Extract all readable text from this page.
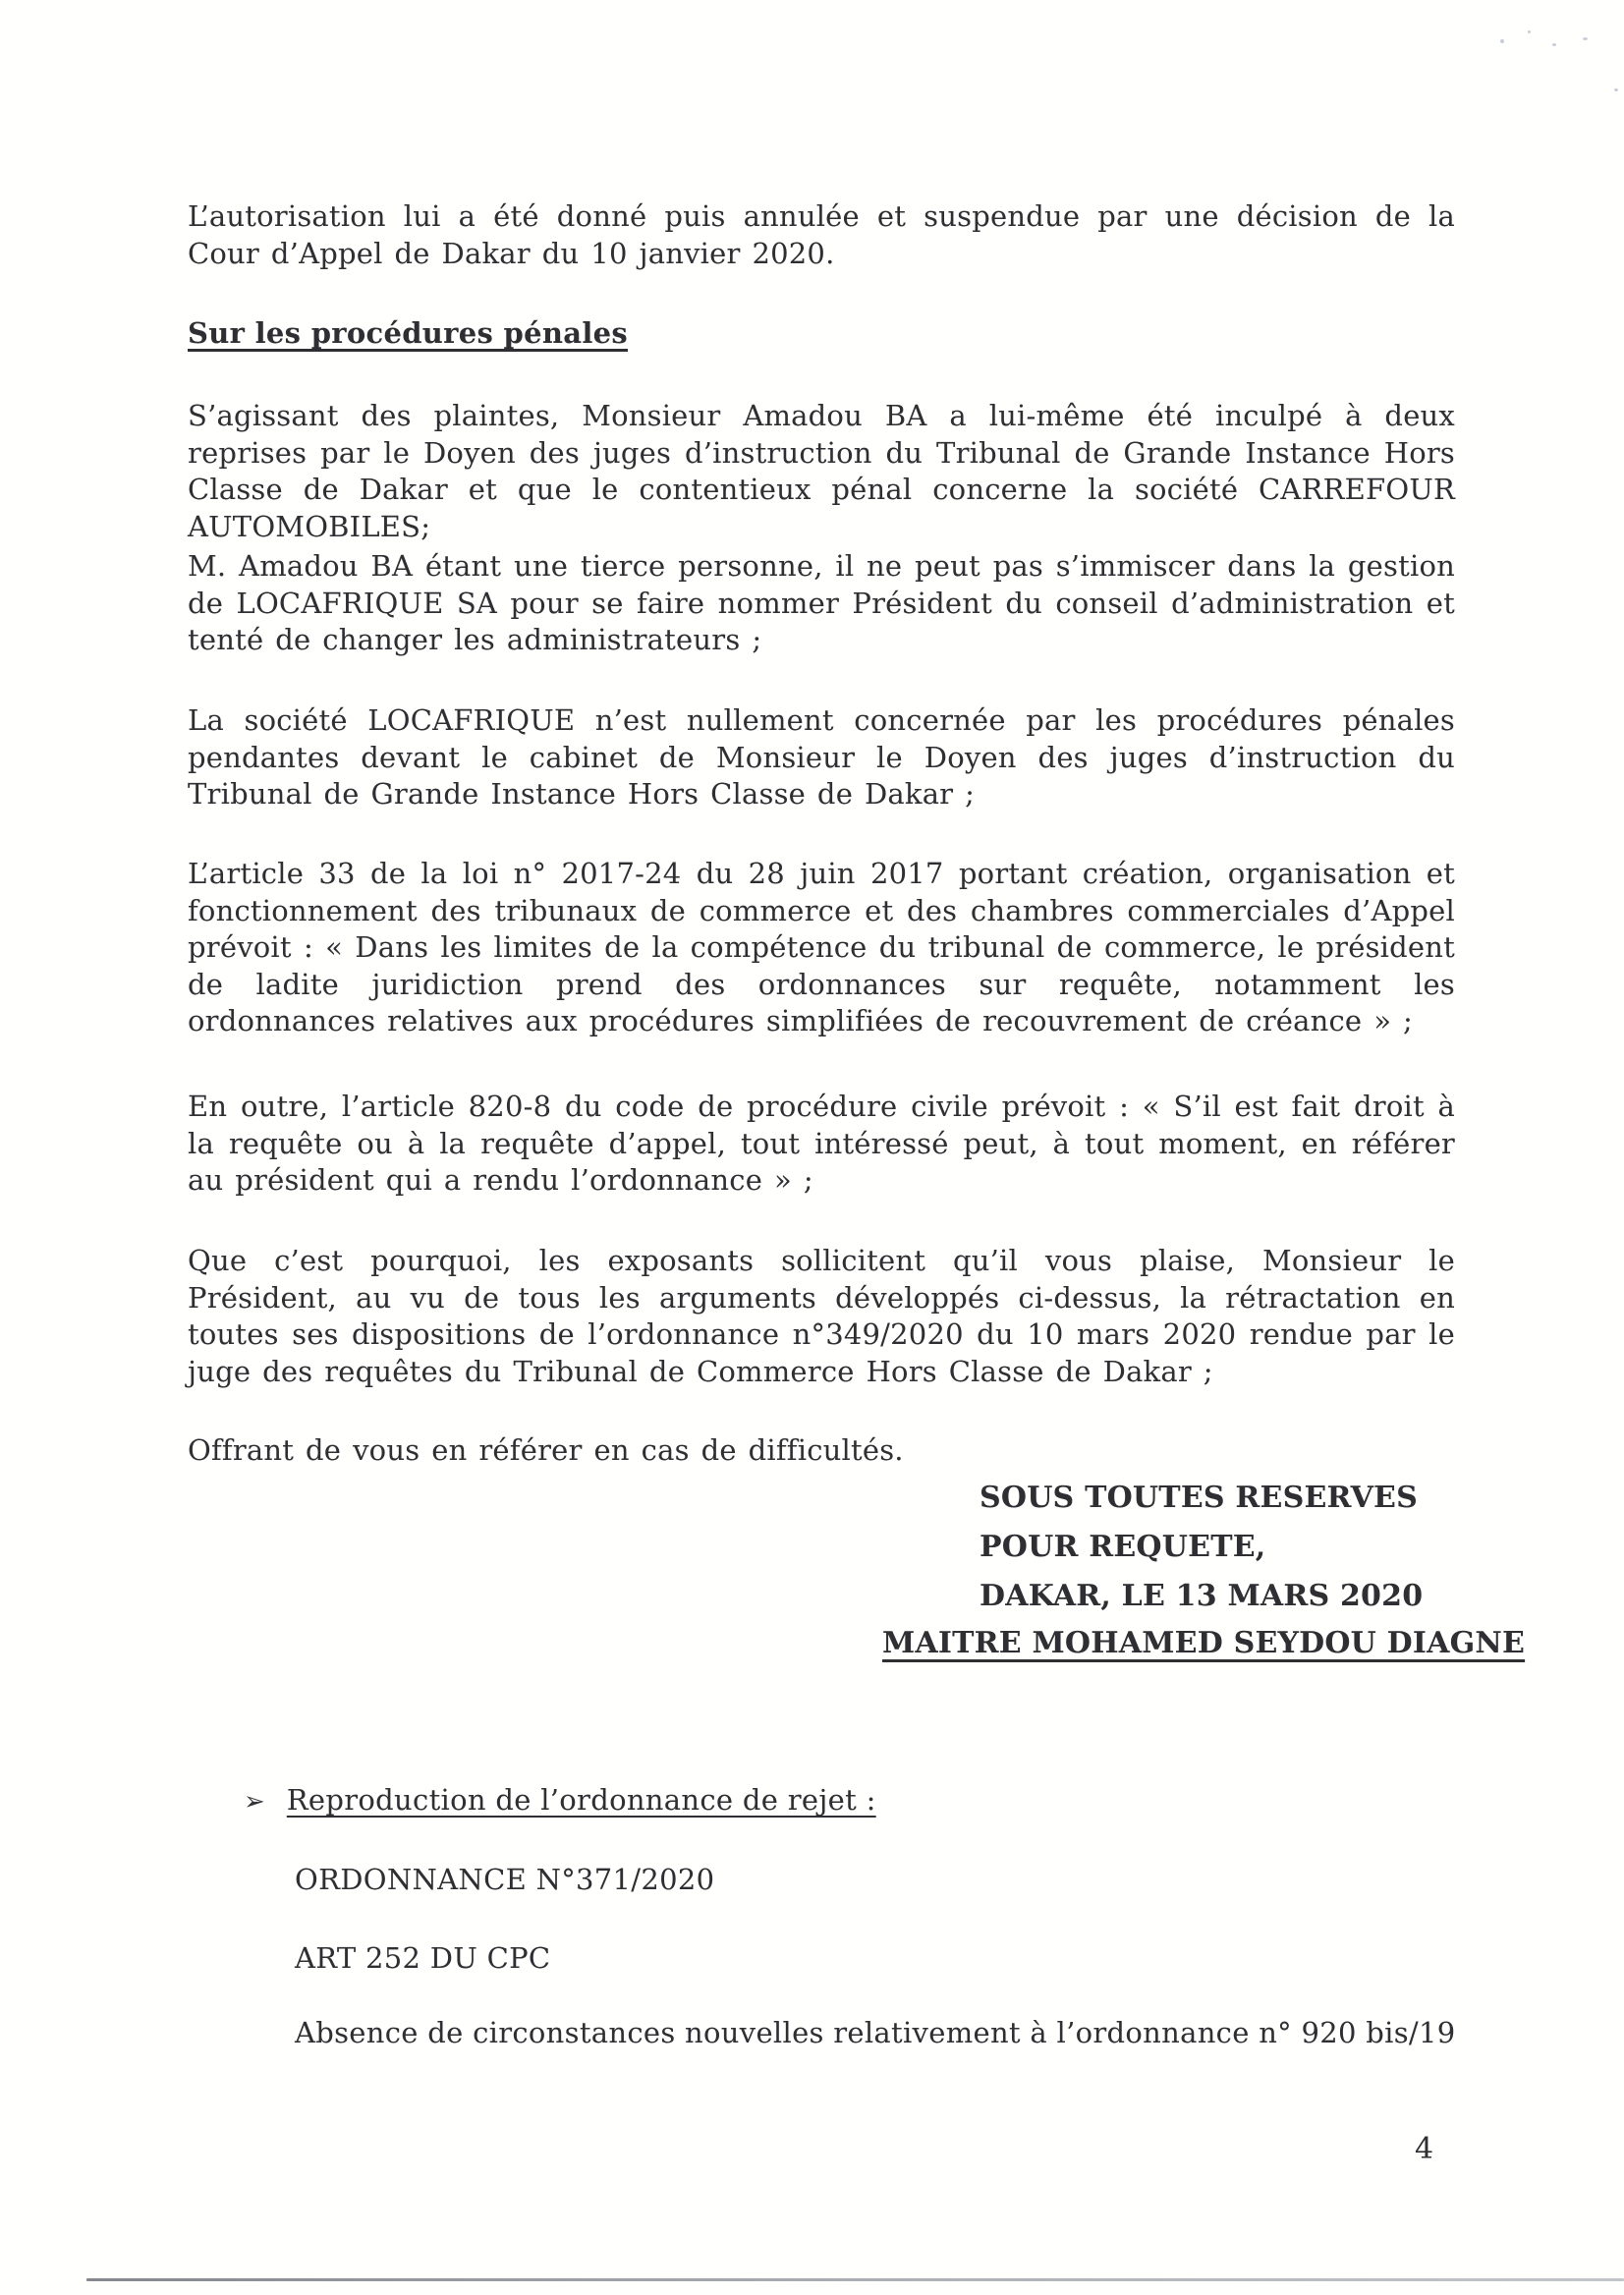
L’autorisation lui a été donné puis annulée et suspendue par une décision de la Cour d’Appel de Dakar du 10 janvier 2020.

Sur les procédures pénales

S’agissant des plaintes, Monsieur Amadou BA a lui-même été inculpé à deux reprises par le Doyen des juges d’instruction du Tribunal de Grande Instance Hors Classe de Dakar et que le contentieux pénal concerne la société CARREFOUR AUTOMOBILES;

M. Amadou BA étant une tierce personne, il ne peut pas s’immiscer dans la gestion de LOCAFRIQUE SA pour se faire nommer Président du conseil d’administration et tenté de changer les administrateurs ;

La société LOCAFRIQUE n’est nullement concernée par les procédures pénales pendantes devant le cabinet de Monsieur le Doyen des juges d’instruction du Tribunal de Grande Instance Hors Classe de Dakar ;

L’article 33 de la loi n° 2017-24 du 28 juin 2017 portant création, organisation et fonctionnement des tribunaux de commerce et des chambres commerciales d’Appel prévoit : « Dans les limites de la compétence du tribunal de commerce, le président de ladite juridiction prend des ordonnances sur requête, notamment les ordonnances relatives aux procédures simplifiées de recouvrement de créance » ;

En outre, l’article 820-8 du code de procédure civile prévoit : « S’il est fait droit à la requête ou à la requête d’appel, tout intéressé peut, à tout moment, en référer au président qui a rendu l’ordonnance » ;

Que c’est pourquoi, les exposants sollicitent qu’il vous plaise, Monsieur le Président, au vu de tous les arguments développés ci-dessus, la rétractation en toutes ses dispositions de l’ordonnance n°349/2020 du 10 mars 2020 rendue par le juge des requêtes du Tribunal de Commerce Hors Classe de Dakar ;

Offrant de vous en référer en cas de difficultés.

SOUS TOUTES RESERVES
POUR REQUETE,
DAKAR, LE 13 MARS 2020
MAITRE MOHAMED SEYDOU DIAGNE
➢ Reproduction de l’ordonnance de rejet :

ORDONNANCE N°371/2020

ART 252 DU CPC

Absence de circonstances nouvelles relativement à l’ordonnance n° 920 bis/19

4
